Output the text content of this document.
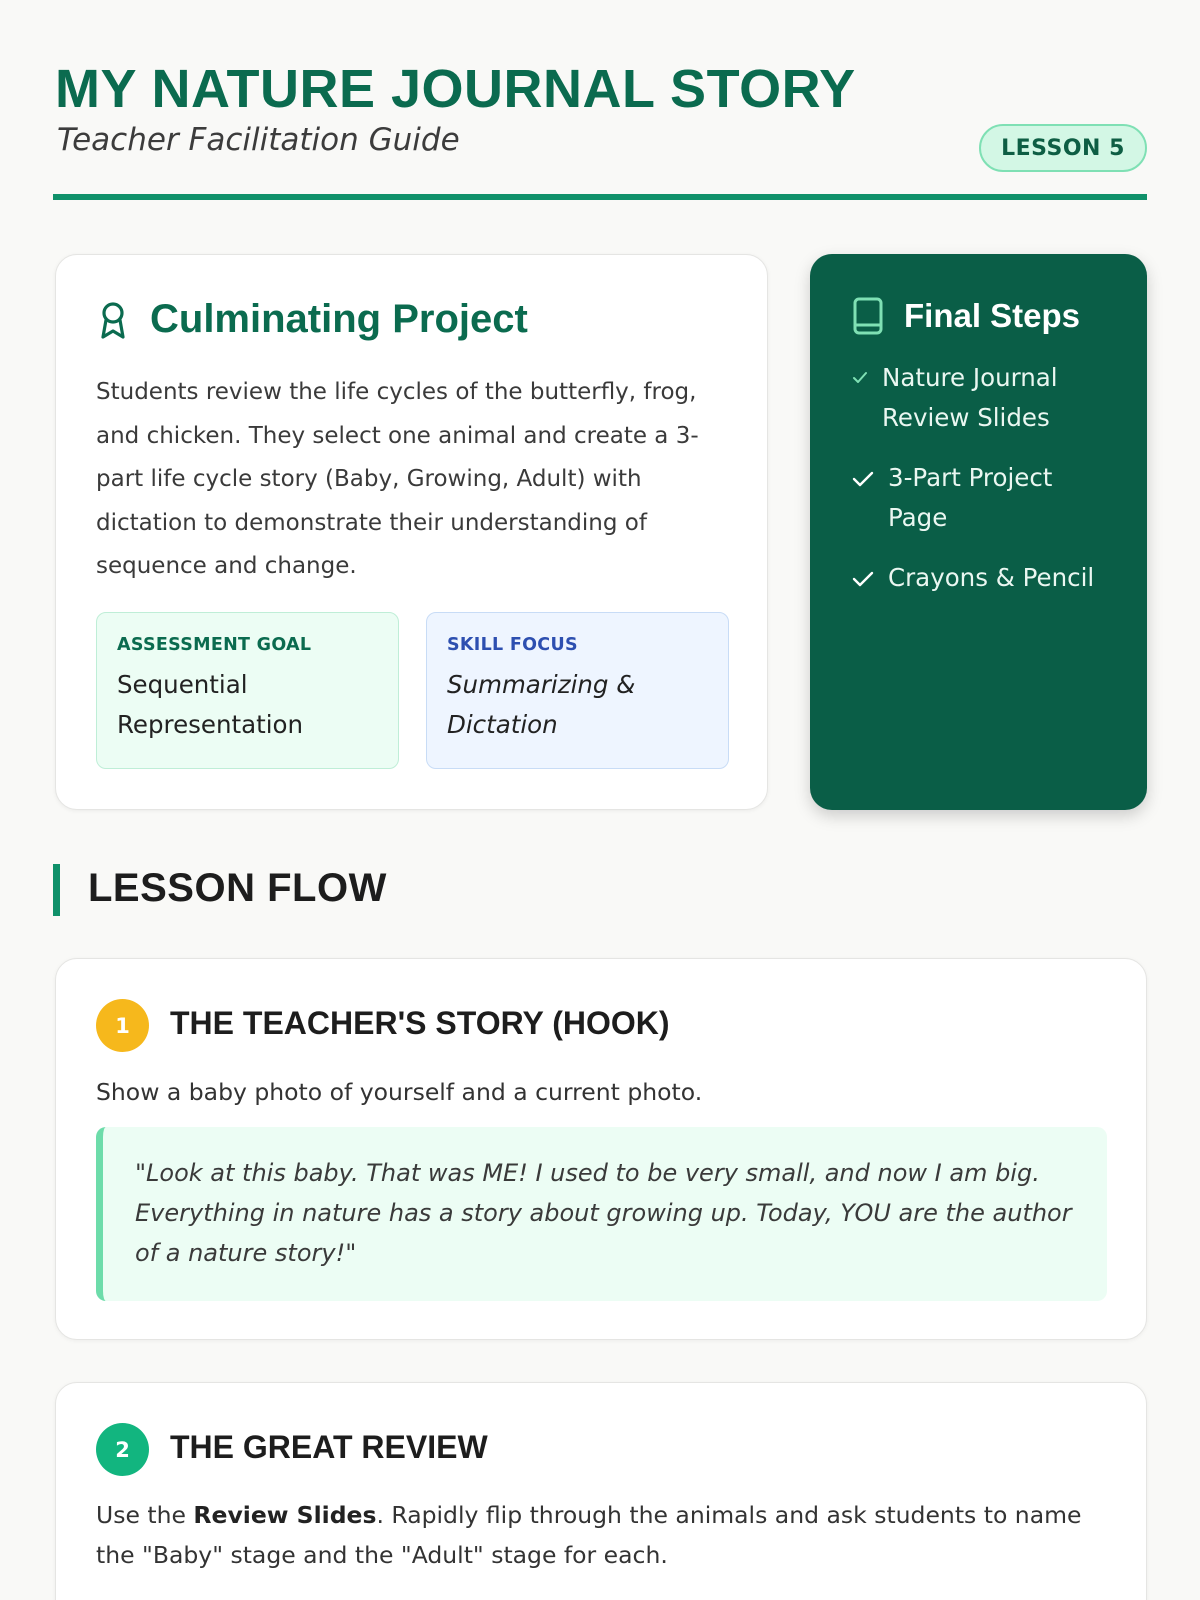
MY NATURE JOURNAL STORY
Teacher Facilitation Guide	LESSON 5
Culminating Project

Students review the life cycles of the butterfly, frog, and chicken. They select one animal and create a 3-part life cycle story (Baby, Growing, Adult) with dictation to demonstrate their understanding of sequence and change.

ASSESSMENT GOAL
Sequential Representation
SKILL FOCUS
Summarizing & Dictation
Final Steps
Nature Journal Review Slides
3-Part Project Page
Crayons & Pencil
LESSON FLOW
1	THE TEACHER'S STORY (HOOK)

Show a baby photo of yourself and a current photo.

"Look at this baby. That was ME! I used to be very small, and now I am big. Everything in nature has a story about growing up. Today, YOU are the author of a nature story!"
2	THE GREAT REVIEW

Use the Review Slides. Rapidly flip through the animals and ask students to name the "Baby" stage and the "Adult" stage for each.
